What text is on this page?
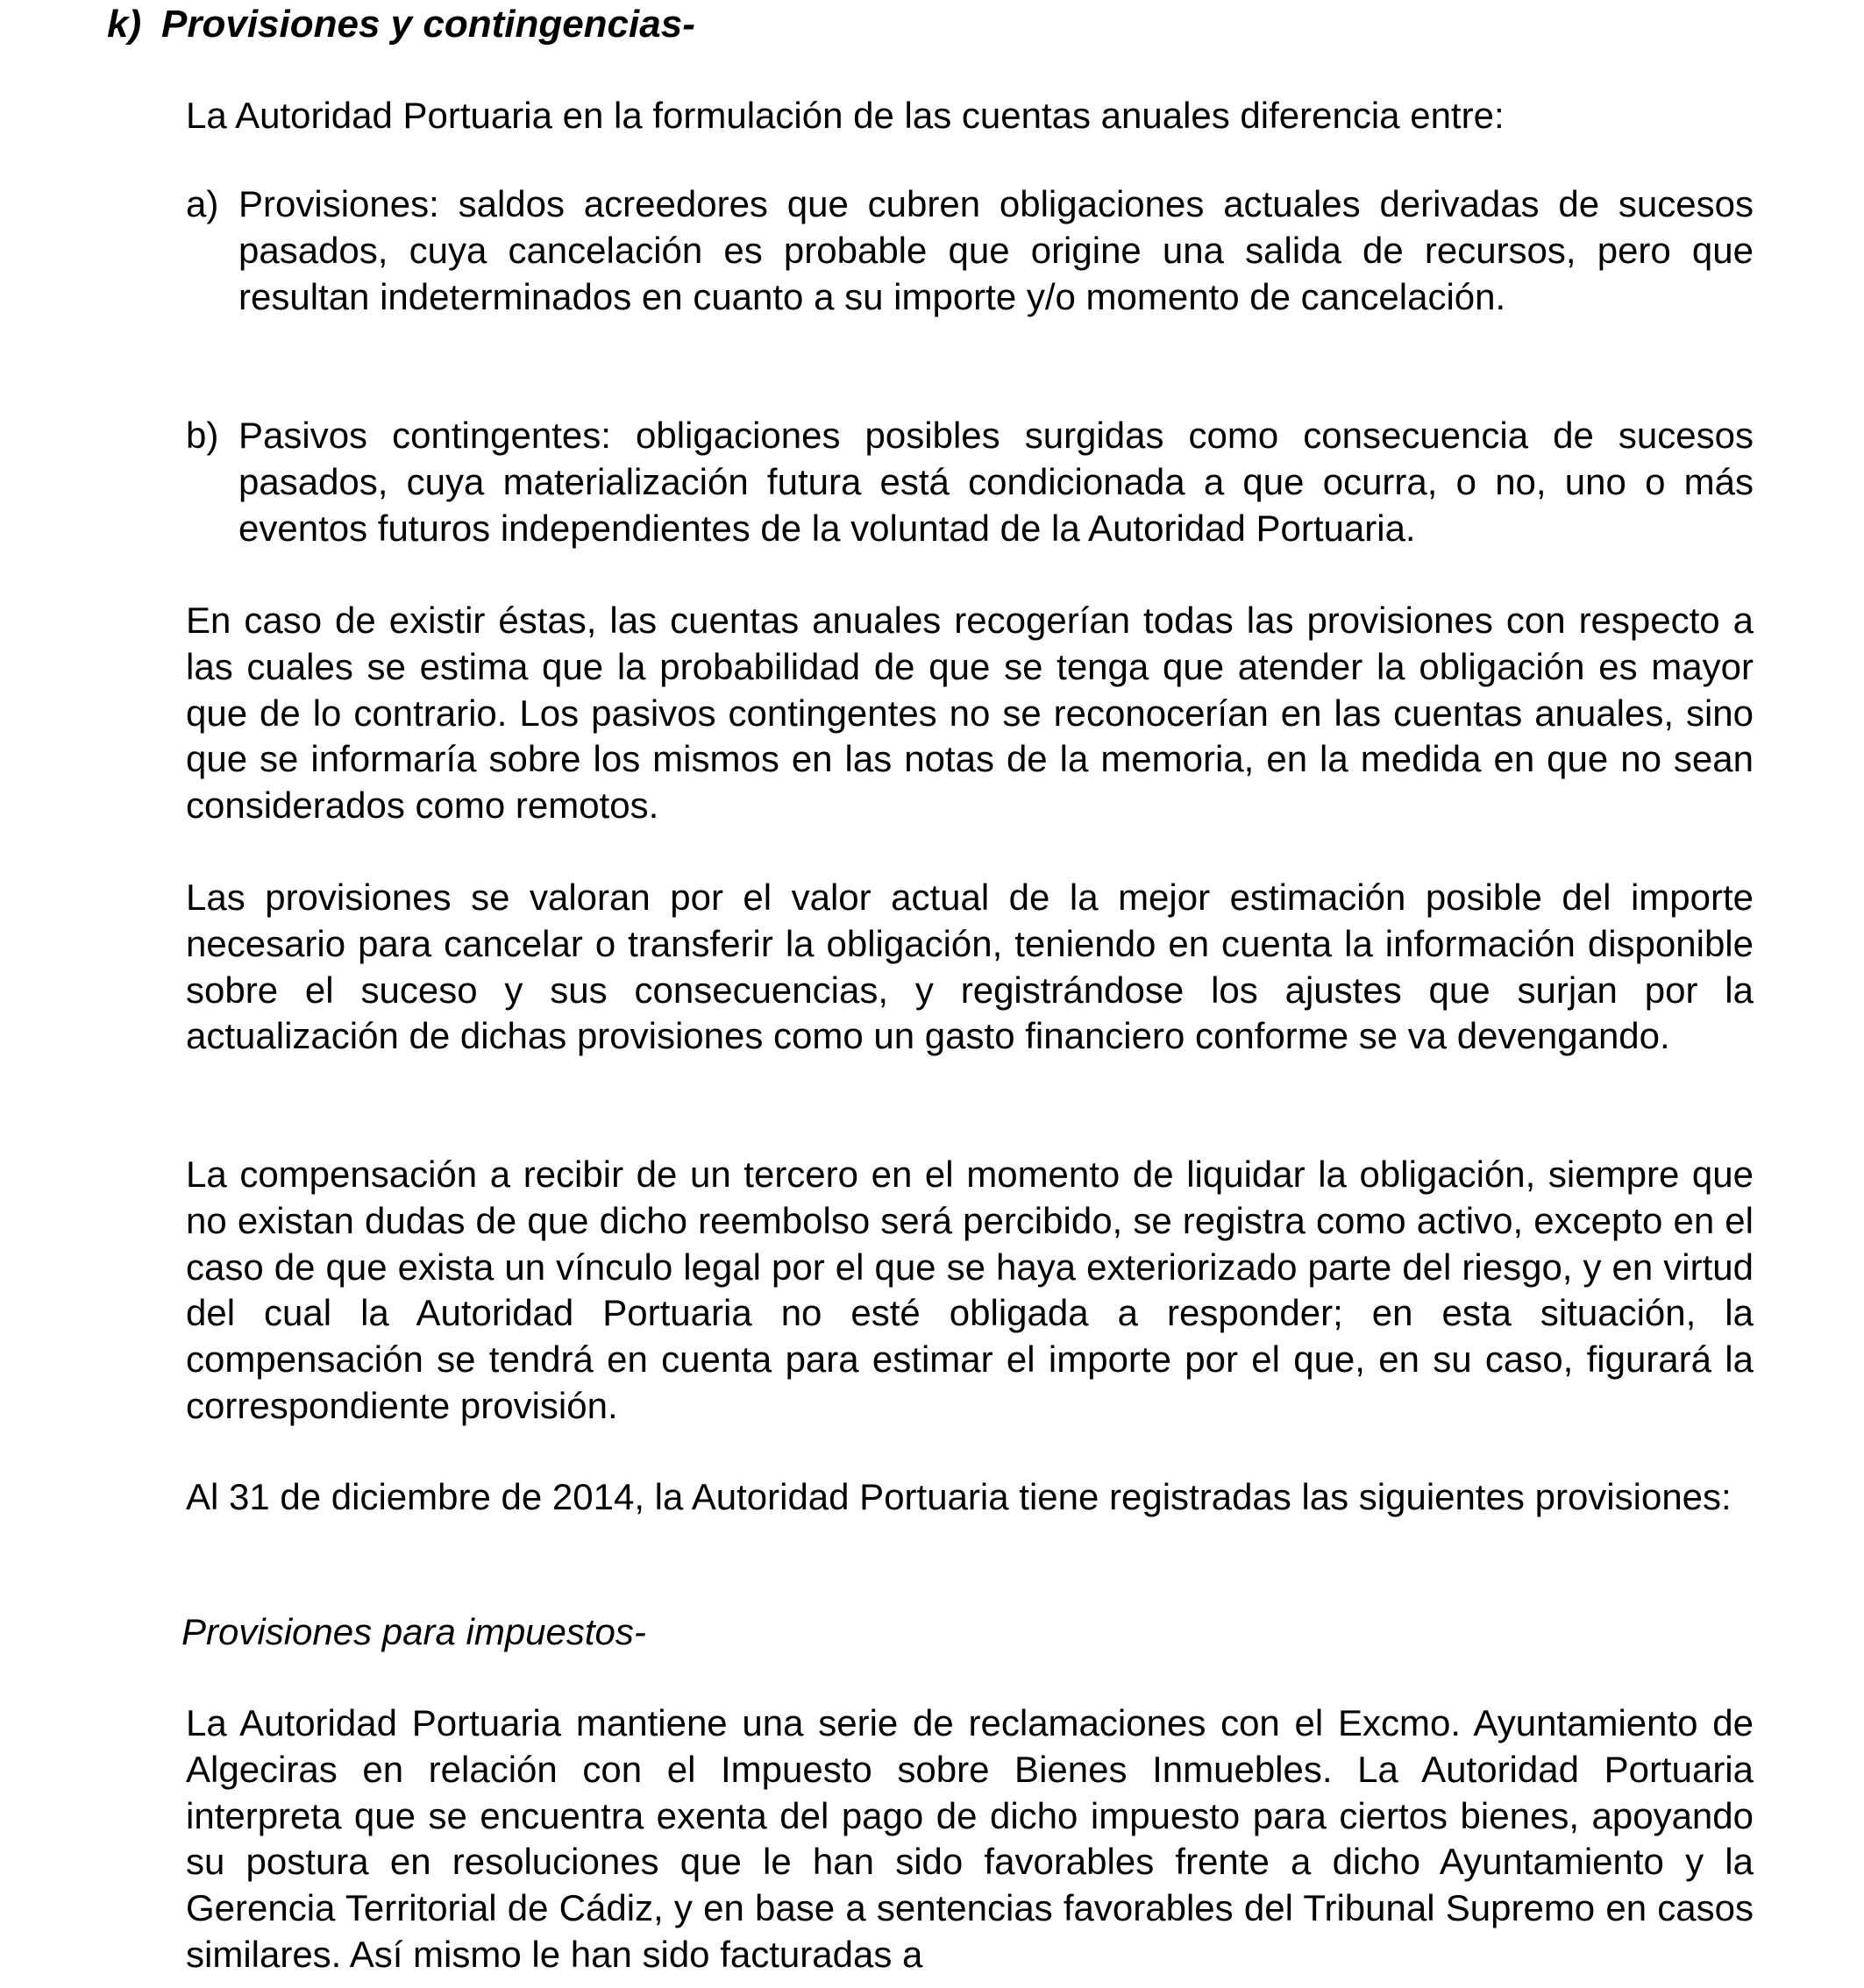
k) Provisiones y contingencias-
La Autoridad Portuaria en la formulación de las cuentas anuales diferencia entre:
a) Provisiones: saldos acreedores que cubren obligaciones actuales derivadas de sucesos pasados, cuya cancelación es probable que origine una salida de recursos, pero que resultan indeterminados en cuanto a su importe y/o momento de cancelación.
b) Pasivos contingentes: obligaciones posibles surgidas como consecuencia de sucesos pasados, cuya materialización futura está condicionada a que ocurra, o no, uno o más eventos futuros independientes de la voluntad de la Autoridad Portuaria.
En caso de existir éstas, las cuentas anuales recogerían todas las provisiones con respecto a las cuales se estima que la probabilidad de que se tenga que atender la obligación es mayor que de lo contrario. Los pasivos contingentes no se reconocerían en las cuentas anuales, sino que se informaría sobre los mismos en las notas de la memoria, en la medida en que no sean considerados como remotos.
Las provisiones se valoran por el valor actual de la mejor estimación posible del importe necesario para cancelar o transferir la obligación, teniendo en cuenta la información disponible sobre el suceso y sus consecuencias, y registrándose los ajustes que surjan por la actualización de dichas provisiones como un gasto financiero conforme se va devengando.
La compensación a recibir de un tercero en el momento de liquidar la obligación, siempre que no existan dudas de que dicho reembolso será percibido, se registra como activo, excepto en el caso de que exista un vínculo legal por el que se haya exteriorizado parte del riesgo, y en virtud del cual la Autoridad Portuaria no esté obligada a responder; en esta situación, la compensación se tendrá en cuenta para estimar el importe por el que, en su caso, figurará la correspondiente provisión.
Al 31 de diciembre de 2014, la Autoridad Portuaria tiene registradas las siguientes provisiones:
Provisiones para impuestos-
La Autoridad Portuaria mantiene una serie de reclamaciones con el Excmo. Ayuntamiento de Algeciras en relación con el Impuesto sobre Bienes Inmuebles. La Autoridad Portuaria interpreta que se encuentra exenta del pago de dicho impuesto para ciertos bienes, apoyando su postura en resoluciones que le han sido favorables frente a dicho Ayuntamiento y la Gerencia Territorial de Cádiz, y en base a sentencias favorables del Tribunal Supremo en casos similares. Así mismo le han sido facturadas a
